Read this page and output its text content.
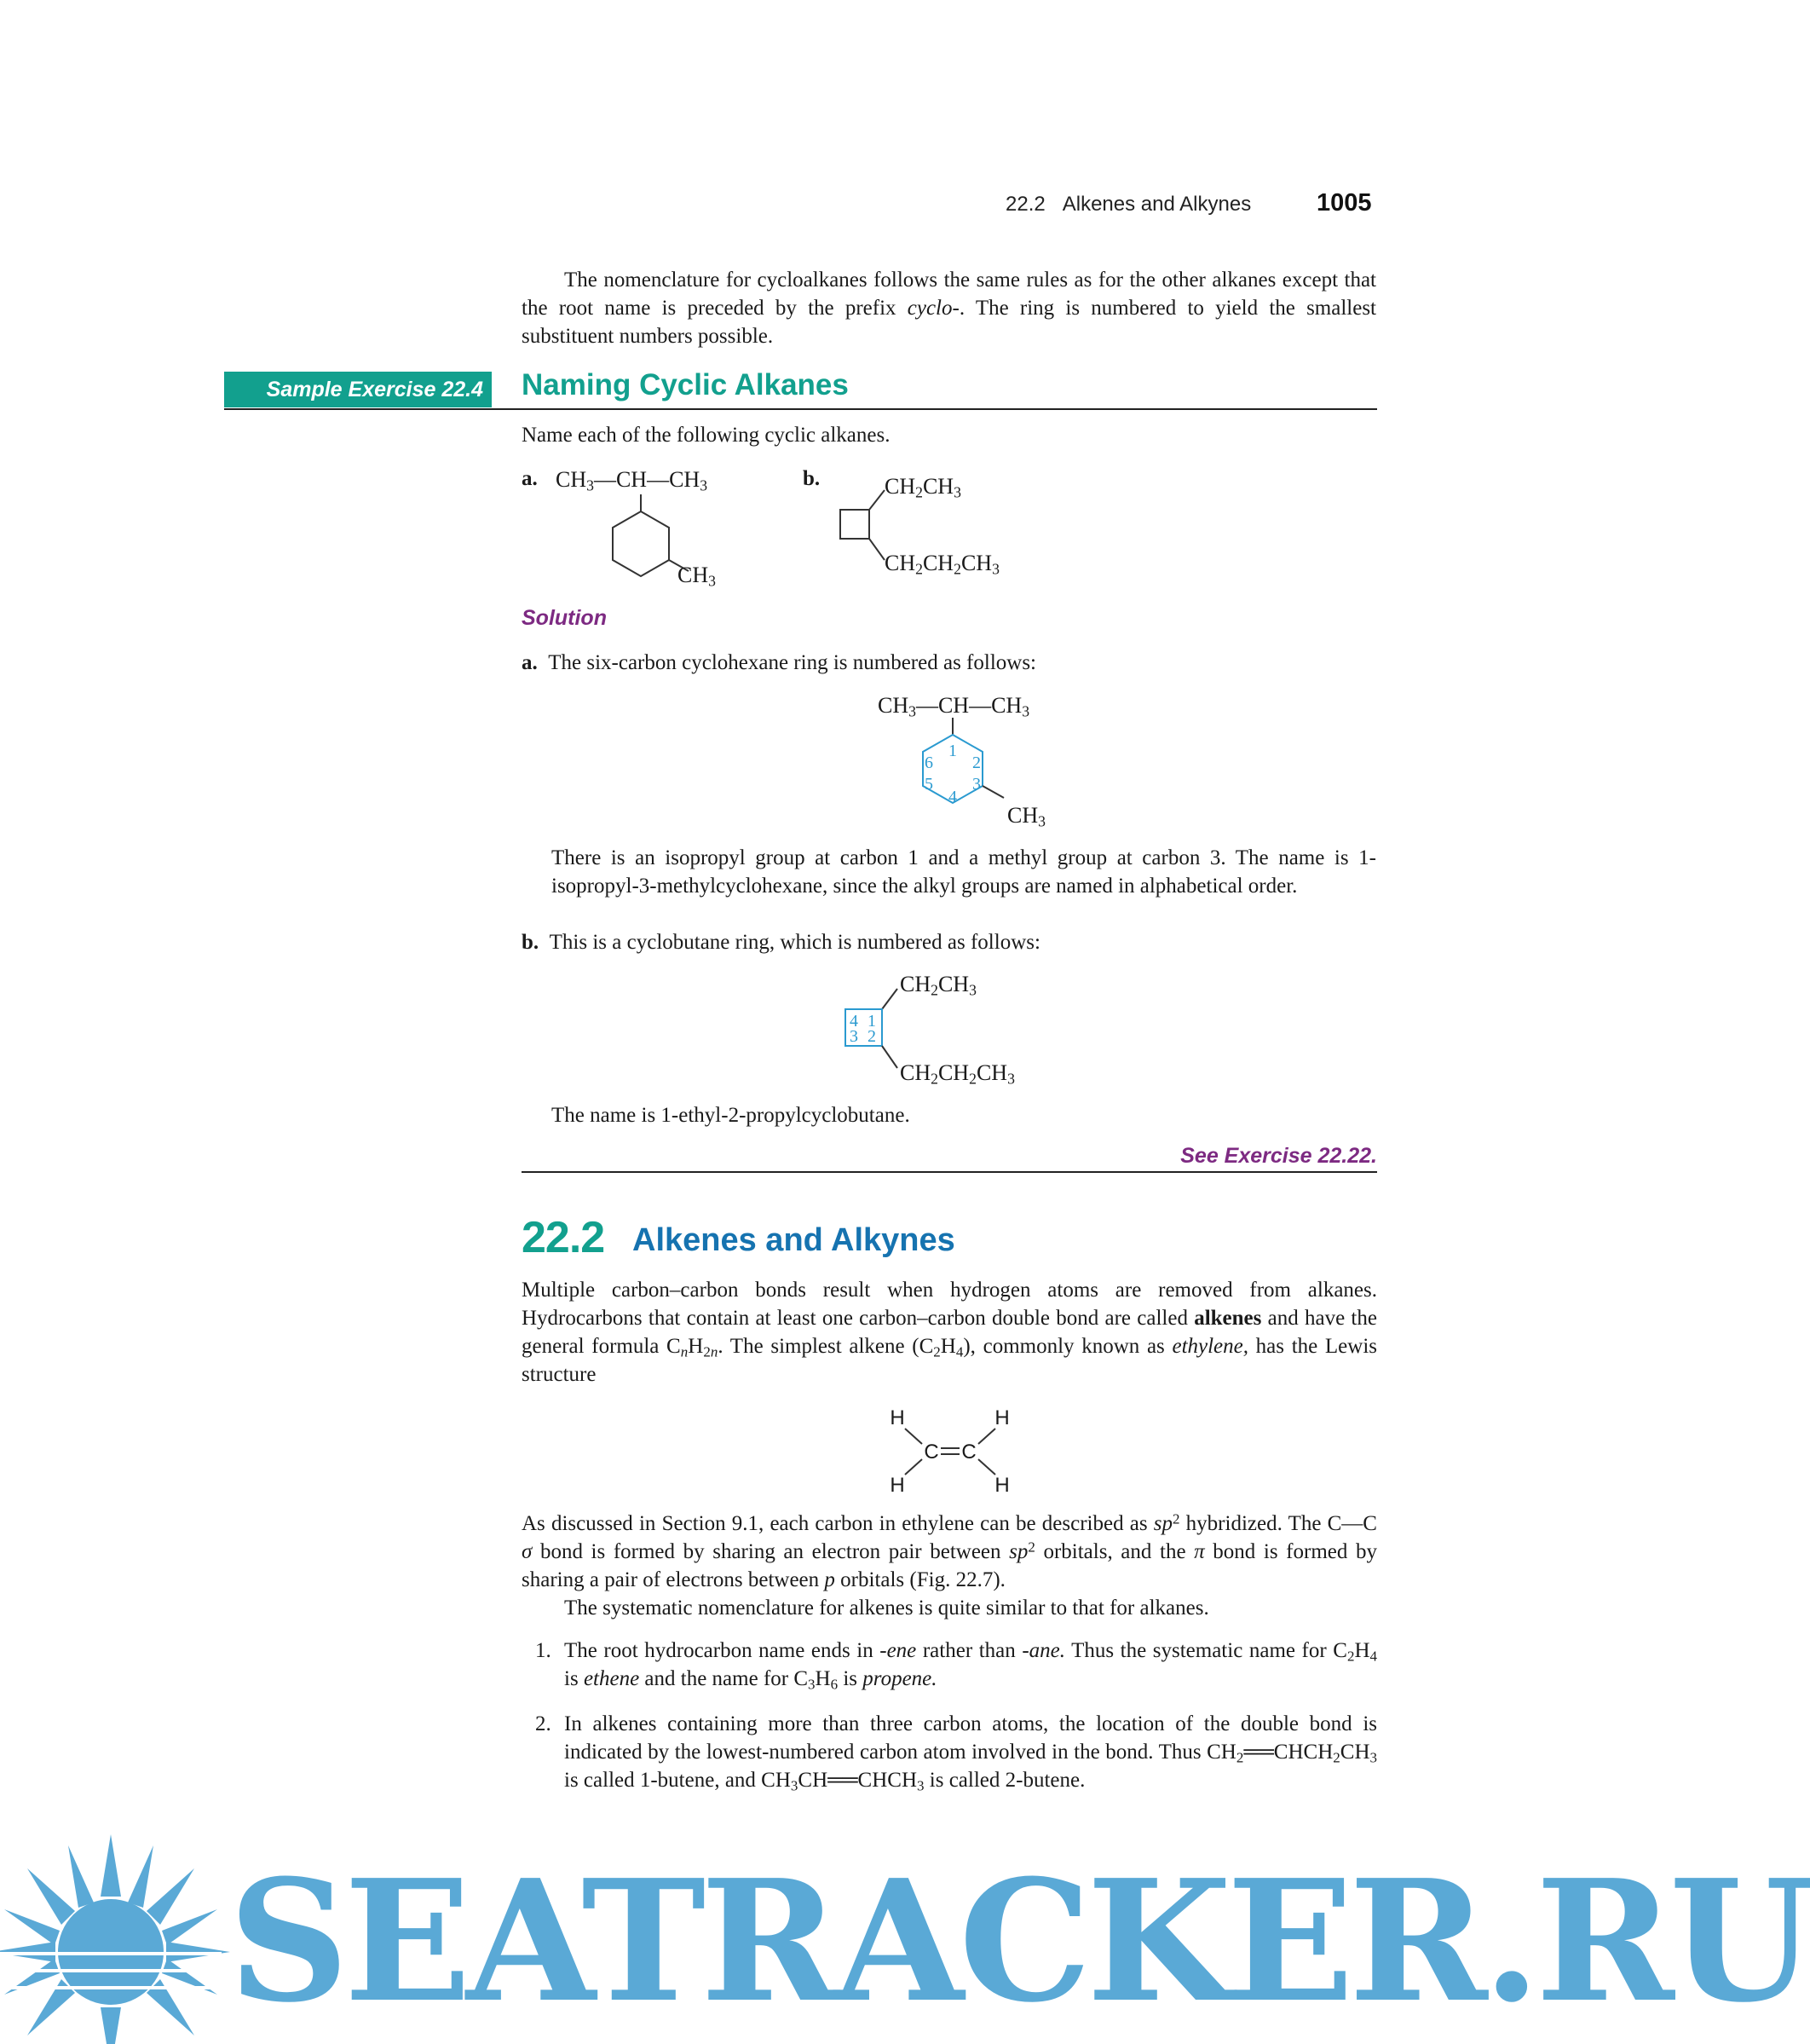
22.2 Alkenes and Alkynes	1005
The nomenclature for cycloalkanes follows the same rules as for the other alkanes except that the root name is preceded by the prefix cyclo-. The ring is numbered to yield the smallest substituent numbers possible.
Sample Exercise 22.4 Naming Cyclic Alkanes
Name each of the following cyclic alkanes.
a. $CH_3—CH—CH_3$
$CH_3$
b.	$CH_2CH_3$
$CH_2CH_2CH_3$
Solution
a. The six-carbon cyclohexane ring is numbered as follows:
$CH_3—CH—CH_3$
1
2
3
4
5
6
$CH_3$
There is an isopropyl group at carbon 1 and a methyl group at carbon 3. The name is 1-isopropyl-3-methylcyclohexane, since the alkyl groups are named in alphabetical order.
b. This is a cyclobutane ring, which is numbered as follows:
$CH_2CH_3$
4 1
3 2
$CH_2CH_2CH_3$
The name is 1-ethyl-2-propylcyclobutane.
See Exercise 22.22.
22.2 Alkenes and Alkynes
Multiple carbon–carbon bonds result when hydrogen atoms are removed from alkanes. Hydrocarbons that contain at least one carbon–carbon double bond are called alkenes and have the general formula $C_nH_{2n}$. The simplest alkene $(C_2H_4)$, commonly known as ethylene, has the Lewis structure
H	H
C C
H	H
As discussed in Section 9.1, each carbon in ethylene can be described as $sp^2$ hybridized. The C—C σ bond is formed by sharing an electron pair between $sp^2$ orbitals, and the π bond is formed by sharing a pair of electrons between p orbitals (Fig. 22.7).
The systematic nomenclature for alkenes is quite similar to that for alkanes.
1. The root hydrocarbon name ends in -ene rather than -ane. Thus the systematic name for $C_2H_4$ is ethene and the name for $C_3H_6$ is propene.
2. In alkenes containing more than three carbon atoms, the location of the double bond is indicated by the lowest-numbered carbon atom involved in the bond. Thus $CH_2══CHCH_2CH_3$ is called 1-butene, and $CH_3CH══CHCH_3$ is called 2-butene.
SEATRACKER.RU
